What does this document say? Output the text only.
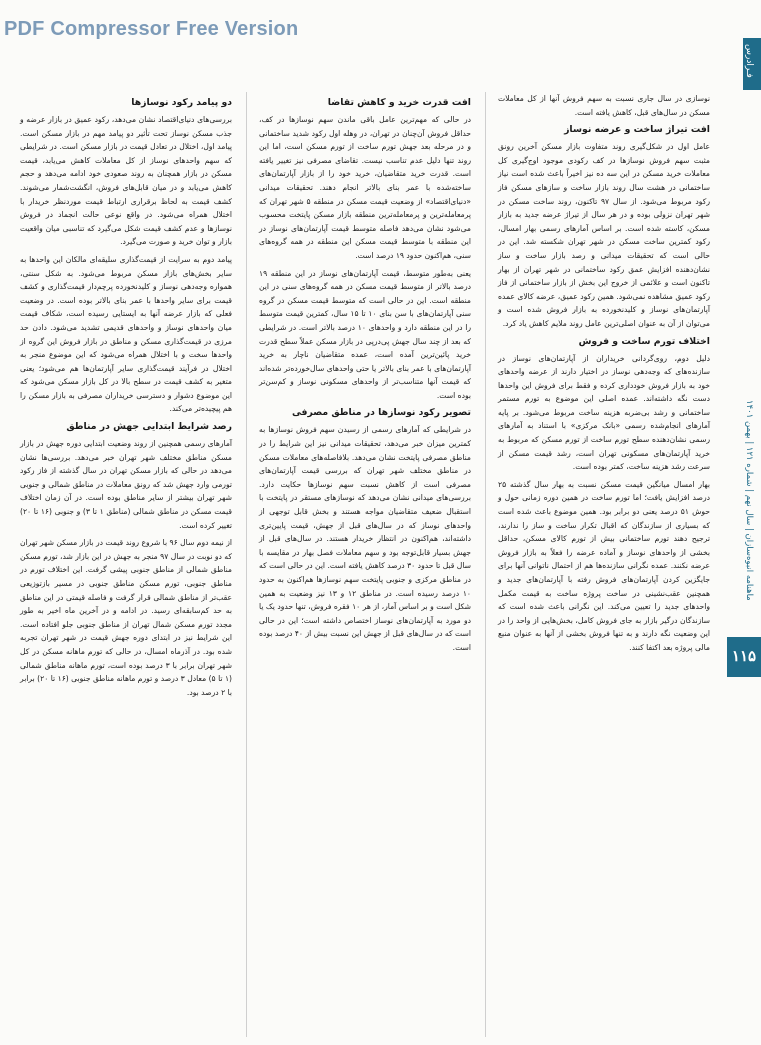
PDF Compressor Free Version
فـرادرس
ماهنامه انبوه‌سازان | سال نهم | شماره ۱۲۱ | بهمن ۱۴۰۱
۱۱۵

نوسازی در سال جاری نسبت به سهم فروش آنها از کل معاملات مسکن در سال‌های قبل، کاهش یافته است.

افت تیراژ ساخت و عرضه نوساز

عامل اول در شکل‌گیری روند متفاوت بازار مسکن آخرین رونق مثبت سهم فروش نوسازها در کف رکودی موجود اوج‌گیری کل معاملات خرید مسکن در این سه ده نیز اخیراً باعث شده است نیاز ساختمانی در هشت سال روند بازار ساخت و سازهای مسکن فاز رکود مربوط می‌شود. از سال ۹۷ تاکنون، روند ساخت مسکن در شهر تهران نزولی بوده و در هر سال از تیراژ عرضه جدید به بازار مسکن، کاسته شده است. بر اساس آمارهای رسمی بهار امسال، رکود کمترین ساخت مسکن در شهر تهران شکسته شد. این در حالی است که تحقیقات میدانی و رصد بازار ساخت و ساز نشان‌دهنده افزایش عمق رکود ساختمانی در شهر تهران از بهار تاکنون است و علائمی از خروج این بخش از بازار ساختمانی از فاز رکود عمیق مشاهده نمی‌شود. همین رکود عمیق، عرضه کالای عمده آپارتمان‌های نوساز و کلیدنخورده به بازار فروش شده است و می‌توان از آن به عنوان اصلی‌ترین عامل روند ملایم کاهش یاد کرد.

اختلاف تورم ساخت و فروش

دلیل دوم، روی‌گردانی خریداران از آپارتمان‌های نوساز در سازنده‌های که وجه‌دهی نوساز در اختیار دارند از عرضه واحدهای خود به بازار فروش خودداری کرده و فقط برای فروش این واحدها دست نگه داشته‌اند. عمده اصلی این موضوع به تورم مستمر ساختمانی و رشد بی‌ضربه هزینه ساخت مربوط می‌شود. بر پایه آمارهای انجام‌شده رسمی «بانک مرکزی» با استناد به آمارهای رسمی نشان‌دهنده سطح تورم ساخت از تورم مسکن که مربوط به خرید آپارتمان‌های مسکونی تهران است، رشد قیمت مسکن از سرعت رشد هزینه ساخت، کمتر بوده است.

بهار امسال میانگین قیمت مسکن نسبت به بهار سال گذشته ۲۵ درصد افزایش یافت؛ اما تورم ساخت در همین دوره زمانی حول و حوش ۵۱ درصد یعنی دو برابر بود. همین موضوع باعث شده است که بسیاری از سازندگان که اقبال تکرار ساخت و ساز را ندارند، ترجیح دهند تورم ساختمانی بیش از تورم کالای مسکن، حداقل بخشی از واحدهای نوساز و آماده عرضه را فعلاً به بازار فروش عرضه نکنند. عمده نگرانی سازنده‌ها هم از احتمال ناتوانی آنها برای جایگزین کردن آپارتمان‌های فروش رفته با آپارتمان‌های جدید و همچنین عقب‌نشینی در ساخت پروژه ساخت به قیمت مکمل واحدهای جدید را تعیین می‌کند. این نگرانی باعث شده است که سازندگان درگیر بازار به جای فروش کامل، بخش‌هایی از واحد را در این وضعیت نگه دارند و به تنها فروش بخشی از آنها به عنوان منبع مالی پروژه بعد اکتفا کنند.

افت قدرت خرید و کاهش تقاضا

در حالی که مهم‌ترین عامل باقی ماندن سهم نوسازها در کف، حداقل فروش آن‌چنان در تهران، در وهله اول رکود شدید ساختمانی و در مرحله بعد جهش تورم ساخت از تورم مسکن است، اما این روند تنها دلیل عدم تناسب نیست. تقاضای مصرفی نیز تغییر یافته است. قدرت خرید متقاضیان، خرید خود را از بازار آپارتمان‌های ساخته‌شده با عمر بنای بالاتر انجام دهند. تحقیقات میدانی «دنیای‌اقتصاد» از وضعیت قیمت مسکن در منطقه ۵ شهر تهران که پرمعامله‌ترین و پرمعامله‌ترین منطقه بازار مسکن پایتخت محسوب می‌شود نشان می‌دهد فاصله متوسط قیمت آپارتمان‌های نوساز در این منطقه با متوسط قیمت مسکن این منطقه در همه گروه‌های سنی، هم‌اکنون حدود ۱۹ درصد است.

یعنی به‌طور متوسط، قیمت آپارتمان‌های نوساز در این منطقه ۱۹ درصد بالاتر از متوسط قیمت مسکن در همه گروه‌های سنی در این منطقه است. این در حالی است که متوسط قیمت مسکن در گروه سنی آپارتمان‌های با سن بنای ۱۰ تا ۱۵ سال، کمترین قیمت متوسط را در این منطقه دارد و واحدهای ۱۰ درصد بالاتر است. در شرایطی که بعد از چند سال جهش پی‌درپی در بازار مسکن عملاً سطح قدرت خرید پائین‌ترین آمده است، عمده متقاضیان ناچار به خرید آپارتمان‌های با عمر بنای بالاتر یا حتی واحدهای سال‌خورده‌تر شده‌اند که قیمت آنها متناسب‌تر از واحدهای مسکونی نوساز و کم‌سن‌تر بوده است.

تصویر رکود نوسازها در مناطق مصرفی

در شرایطی که آمارهای رسمی از رسیدن سهم فروش نوسازها به کمترین میزان خبر می‌دهد، تحقیقات میدانی نیز این شرایط را در مناطق مصرفی پایتخت نشان می‌دهد. بلافاصله‌های معاملات مسکن در مناطق مختلف شهر تهران که بررسی قیمت آپارتمان‌های مصرفی است از کاهش نسبت سهم نوسازها حکایت دارد. بررسی‌های میدانی نشان می‌دهد که نوسازهای مستقر در پایتخت با استقبال ضعیف متقاضیان مواجه هستند و بخش قابل توجهی از واحدهای نوساز که در سال‌های قبل از جهش، قیمت پایین‌تری داشته‌اند، هم‌اکنون در انتظار خریدار هستند. در سال‌های قبل از جهش بسیار قابل‌توجه بود و سهم معاملات فصل بهار در مقایسه با سال قبل تا حدود ۳۰ درصد کاهش یافته است. این در حالی است که در مناطق مرکزی و جنوبی پایتخت سهم نوسازها هم‌اکنون به حدود ۱۰ درصد رسیده است. در مناطق ۱۲ و ۱۳ نیز وضعیت به همین شکل است و بر اساس آمار، از هر ۱۰ فقره فروش، تنها حدود یک یا دو مورد به آپارتمان‌های نوساز اختصاص داشته است؛ این در حالی است که در سال‌های قبل از جهش این نسبت بیش از ۴۰ درصد بوده است.

دو پیامد رکود نوسازها

بررسی‌های دنیای‌اقتصاد نشان می‌دهد، رکود عمیق در بازار عرضه و جذب مسکن نوساز تحت تأثیر دو پیامد مهم در بازار مسکن است. پیامد اول، اختلال در تعادل قیمت در بازار مسکن است. در شرایطی که سهم واحدهای نوساز از کل معاملات کاهش می‌یابد، قیمت مسکن در بازار همچنان به روند صعودی خود ادامه می‌دهد و حجم کاهش می‌یابد و در میان قابل‌های فروش، انگشت‌شمار می‌شوند. کشف قیمت به لحاظ برقراری ارتباط قیمت موردنظر خریدار با اختلال همراه می‌شود. در واقع نوعی حالت انجماد در فروش نوسازها و عدم کشف قیمت شکل می‌گیرد که تناسبی میان واقعیت بازار و توان خرید و صورت می‌گیرد.

پیامد دوم به سرایت از قیمت‌گذاری سلیقه‌ای مالکان این واحدها به سایر بخش‌های بازار مسکن مربوط می‌شود. به شکل سنتی، همواره وجه‌دهی نوساز و کلیدنخورده پرچم‌دار قیمت‌گذاری و کشف قیمت برای سایر واحدها با عمر بنای بالاتر بوده است. در وضعیت فعلی که بازار عرضه آنها به ایستایی رسیده است، شکاف قیمت میان واحدهای نوساز و واحدهای قدیمی تشدید می‌شود. دادن حد مرزی در قیمت‌گذاری مسکن و مناطق در بازار فروش این گروه از واحدها سخت و با اختلال همراه می‌شود که این موضوع منجر به اختلال در فرآیند قیمت‌گذاری سایر آپارتمان‌ها هم می‌شود؛ یعنی متغیر به کشف قیمت در سطح بالا در کل بازار مسکن می‌شود که این موضوع دشوار و دسترسی خریداران مصرفی به بازار مسکن را هم پیچیده‌تر می‌کند.

رصد شرایط ابتدایی جهش در مناطق

آمارهای رسمی همچنین از روند وضعیت ابتدایی دوره جهش در بازار مسکن مناطق مختلف شهر تهران خبر می‌دهد. بررسی‌ها نشان می‌دهد در حالی که بازار مسکن تهران در سال گذشته از فاز رکود تورمی وارد جهش شد که رونق معاملات در مناطق شمالی و جنوبی شهر تهران بیشتر از سایر مناطق بوده است. در آن زمان اختلاف قیمت مسکن در مناطق شمالی (مناطق ۱ تا ۳) و جنوبی (۱۶ تا ۲۰) تغییر کرده است.

از نیمه دوم سال ۹۶ با شروع روند قیمت در بازار مسکن شهر تهران که دو نوبت در سال ۹۷ منجر به جهش در این بازار شد، تورم مسکن مناطق شمالی از مناطق جنوبی پیشی گرفت. این اختلاف تورم در مناطق جنوبی، تورم مسکن مناطق جنوبی در مسیر بازتوزیعی عقب‌تر از مناطق شمالی قرار گرفت و فاصله قیمتی در این مناطق به حد کم‌سابقه‌ای رسید. در ادامه و در آخرین ماه اخیر به طور مجدد تورم مسکن شمال تهران از مناطق جنوبی جلو افتاده است. این شرایط نیز در ابتدای دوره جهش قیمت در شهر تهران تجربه شده بود. در آذرماه امسال، در حالی که تورم ماهانه مسکن در کل شهر تهران برابر با ۳ درصد بوده است، تورم ماهانه مناطق شمالی (۱ تا ۵) معادل ۳ درصد و تورم ماهانه مناطق جنوبی (۱۶ تا ۲۰) برابر با ۲ درصد بود.
